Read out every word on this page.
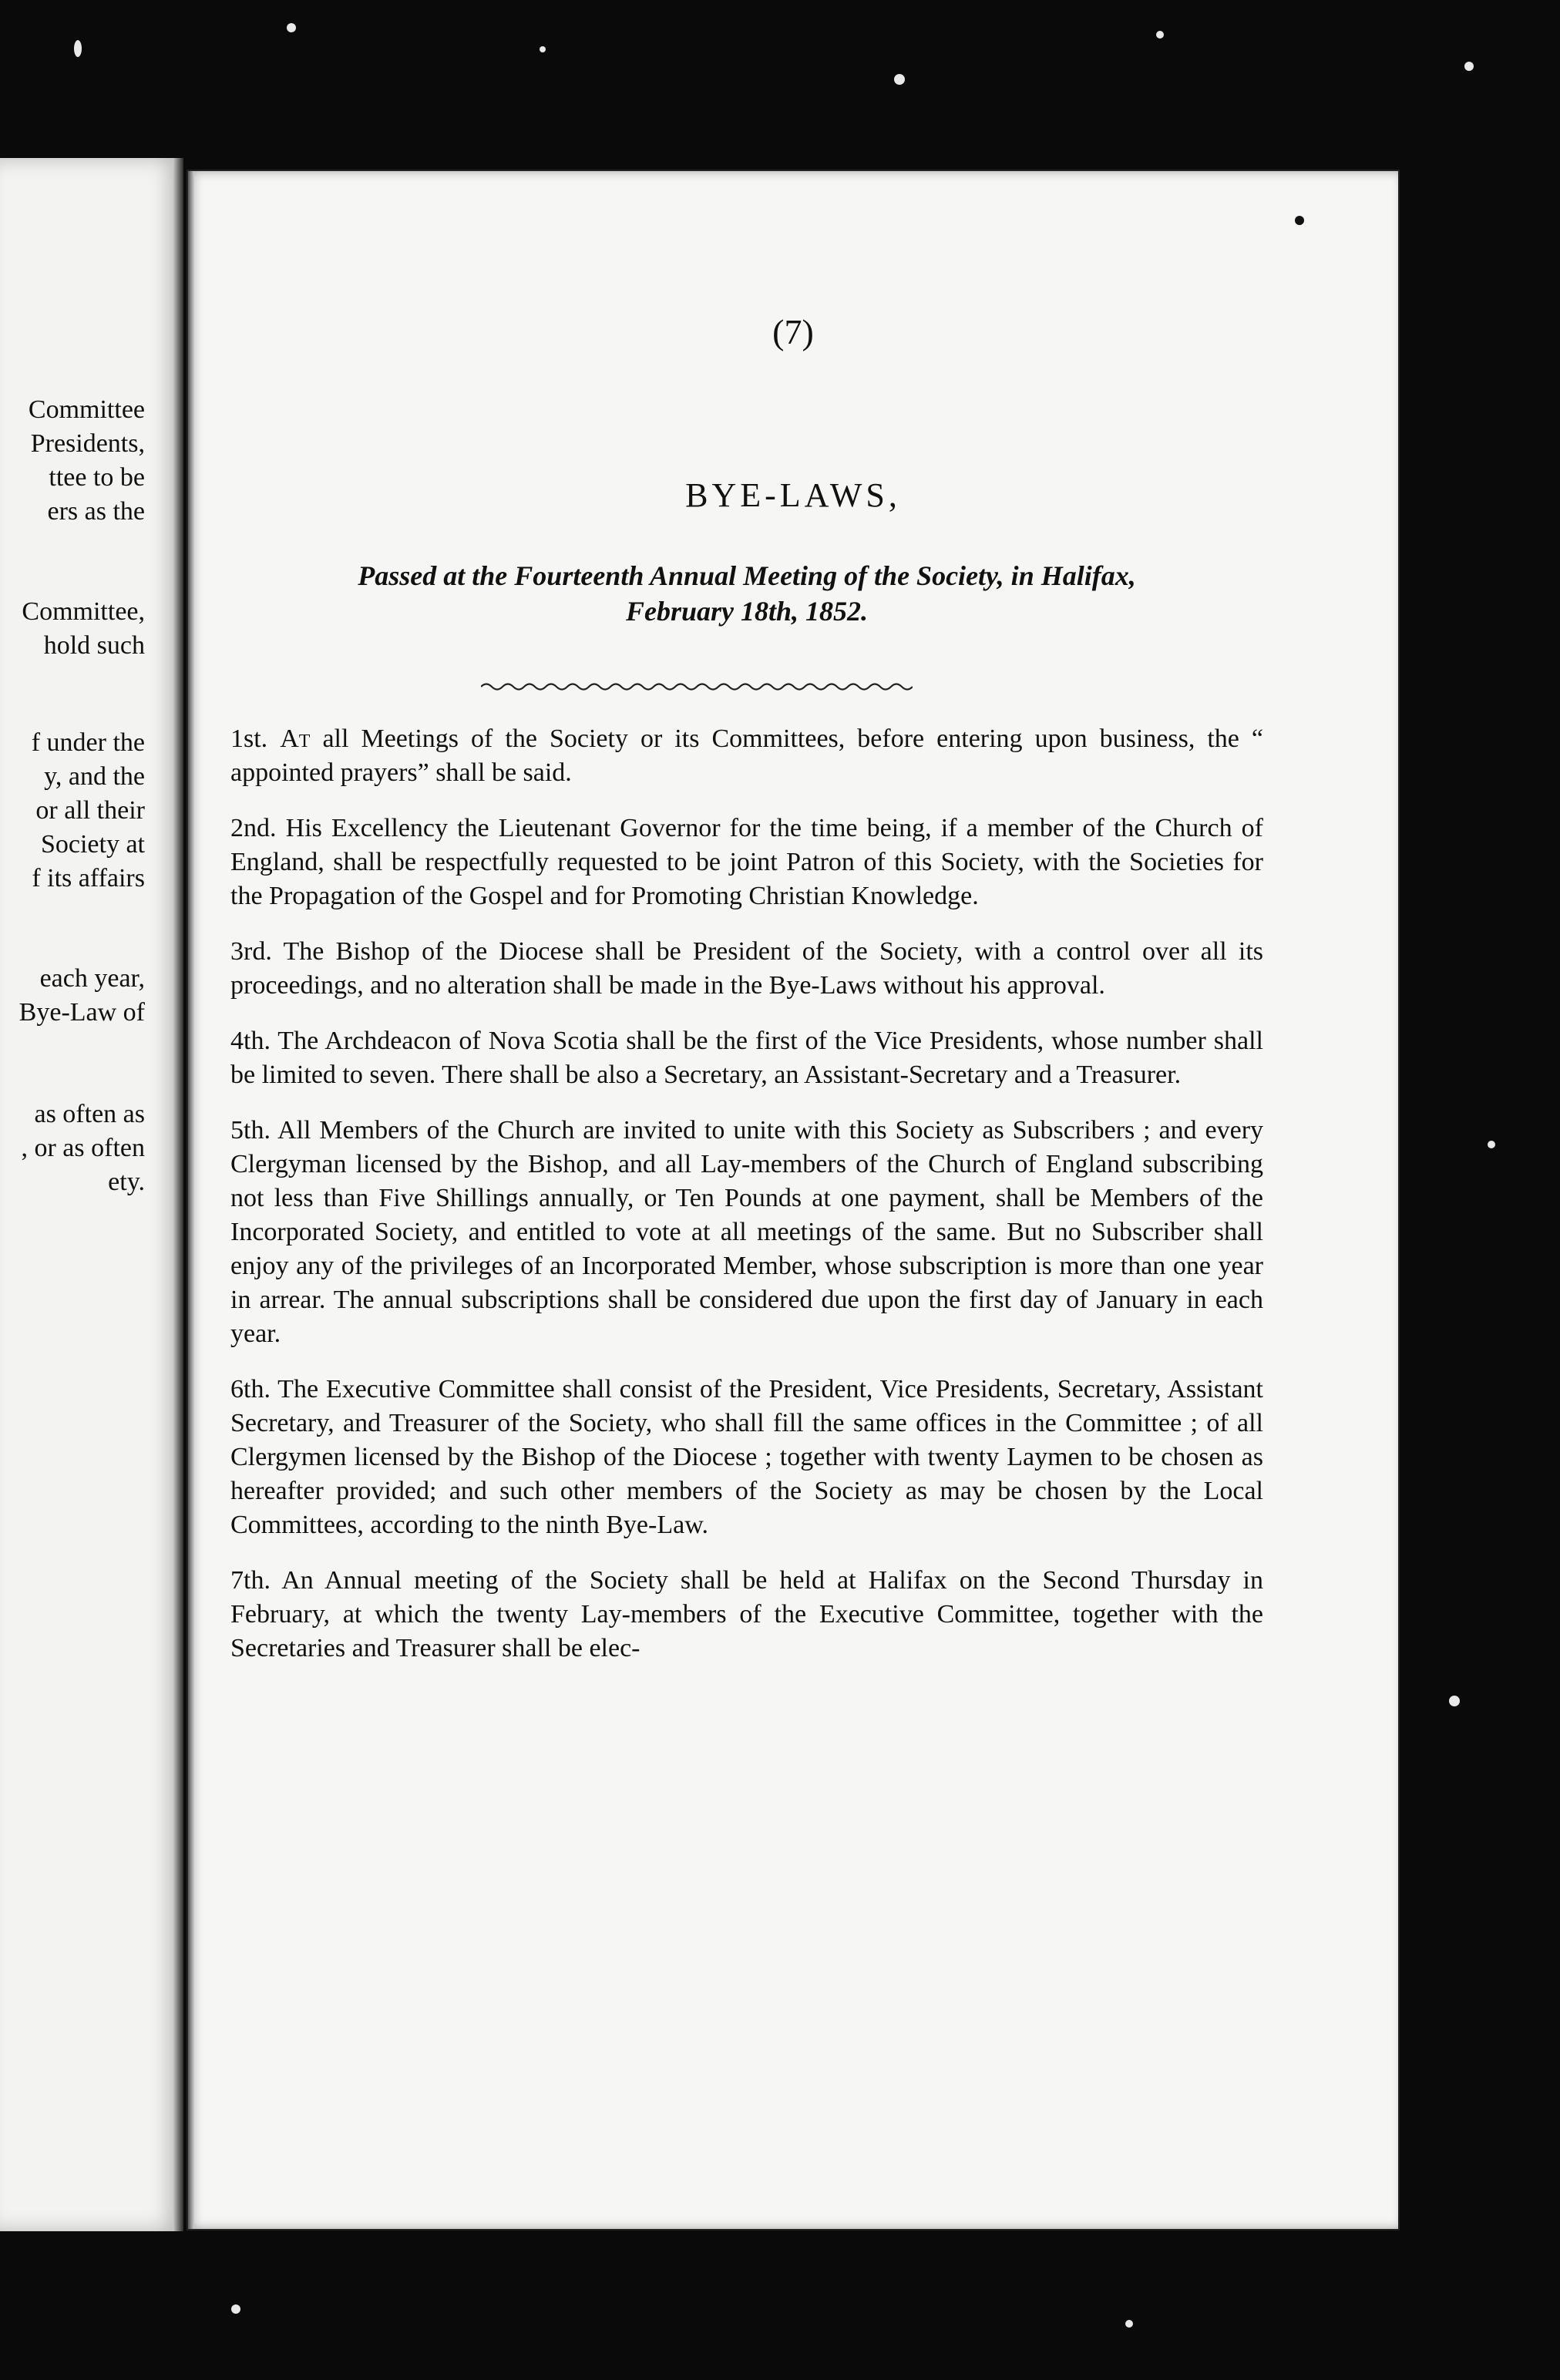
Committee
Presidents,
ttee to be
ers as the
Committee,
hold such
f under the
y, and the
or all their
Society at
f its affairs
each year,
Bye-Law of
as often as
, or as often
ety.
(7)
BYE-LAWS,
Passed at the Fourteenth Annual Meeting of the Society, in Halifax,
February 18th, 1852.

1st. At all Meetings of the Society or its Committees, before entering upon business, the “ appointed prayers” shall be said.

2nd. His Excellency the Lieutenant Governor for the time being, if a member of the Church of England, shall be respectfully requested to be joint Patron of this Society, with the Societies for the Propagation of the Gospel and for Promoting Christian Knowledge.

3rd. The Bishop of the Diocese shall be President of the Society, with a control over all its proceedings, and no alteration shall be made in the Bye-Laws without his approval.

4th. The Archdeacon of Nova Scotia shall be the first of the Vice Presidents, whose number shall be limited to seven. There shall be also a Secretary, an Assistant-Secretary and a Treasurer.

5th. All Members of the Church are invited to unite with this Society as Subscribers ; and every Clergyman licensed by the Bishop, and all Lay-members of the Church of England subscribing not less than Five Shillings annually, or Ten Pounds at one payment, shall be Members of the Incorporated Society, and entitled to vote at all meetings of the same. But no Subscriber shall enjoy any of the privileges of an Incorporated Member, whose subscription is more than one year in arrear. The annual subscriptions shall be considered due upon the first day of January in each year.

6th. The Executive Committee shall consist of the President, Vice Presidents, Secretary, Assistant Secretary, and Treasurer of the Society, who shall fill the same offices in the Committee ; of all Clergymen licensed by the Bishop of the Diocese ; together with twenty Laymen to be chosen as hereafter provided; and such other members of the Society as may be chosen by the Local Committees, according to the ninth Bye-Law.

7th. An Annual meeting of the Society shall be held at Halifax on the Second Thursday in February, at which the twenty Lay-members of the Executive Committee, together with the Secretaries and Treasurer shall be elec-
